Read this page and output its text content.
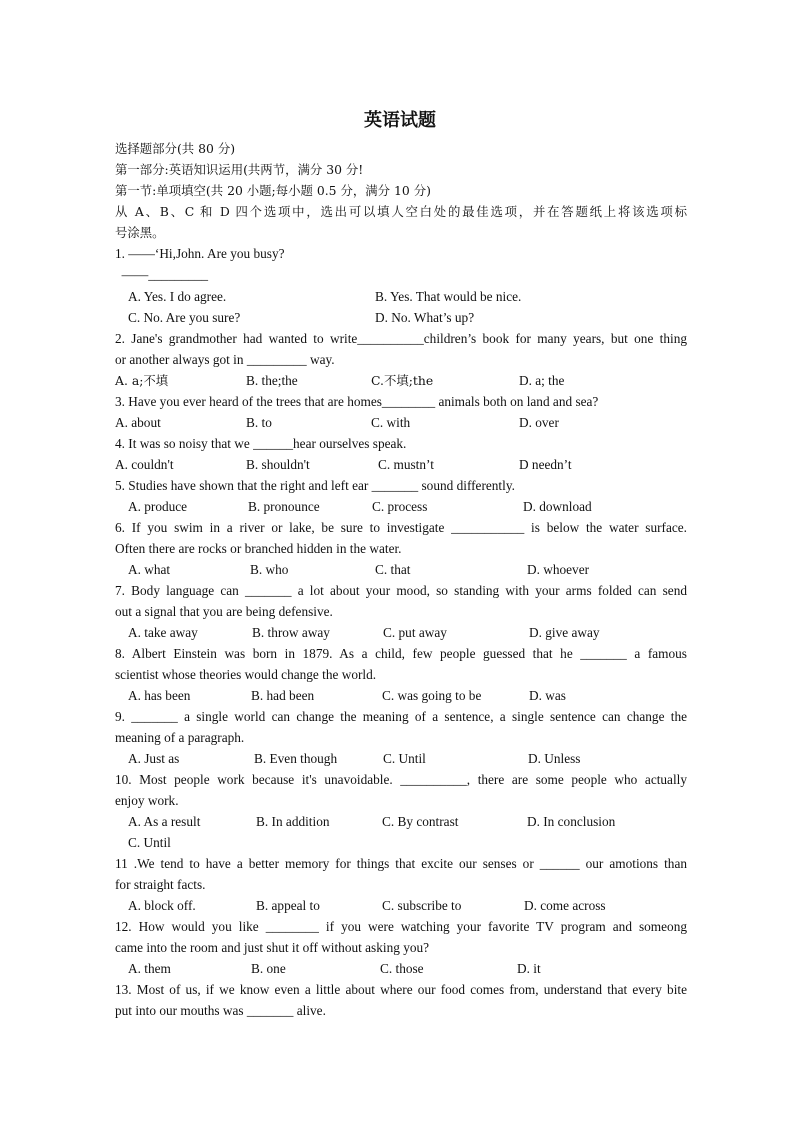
英语试题
选择题部分(共 80 分)
第一部分:英语知识运用(共两节，满分 30 分!
第一节:单项填空(共 20 小题;每小题 0.5 分，满分 10 分)
从 A、B、C 和 D 四个选项中，选出可以填人空白处的最佳选项，并在答题纸上将该选项标
号涂黑。
1. ——‘Hi,John. Are you busy?
——_________
A. Yes. I do agree.	B. Yes. That would be nice.
C. No. Are you sure?	D. No. What’s up?
2. Jane's grandmother had wanted to write__________children’s book for many years, but one thing
or another always got in _________ way.
A. a;不填	B. the;the	C.不填;the	D. a; the
3. Have you ever heard of the trees that are homes________ animals both on land and sea?
A. about	B. to	C. with	D. over
4. It was so noisy that we ______hear ourselves speak.
A. couldn't	B. shouldn't	C. mustn’t	D needn’t
5. Studies have shown that the right and left ear _______ sound differently.
A. produce	B. pronounce	C. process	D. download
6. If you swim in a river or lake, be sure to investigate ___________ is below the water surface.
Often there are rocks or branched hidden in the water.
A. what	B. who	C. that	D. whoever
7. Body language can _______ a lot about your mood, so standing with your arms folded can send
out a signal that you are being defensive.
A. take away	B. throw away	C. put away	D. give away
8. Albert Einstein was born in 1879. As a child, few people guessed that he _______ a famous
scientist whose theories would change the world.
A. has been	B. had been	C. was going to be	D. was
9. _______ a single world can change the meaning of a sentence, a single sentence can change the
meaning of a paragraph.
A. Just as	B. Even though	C. Until	D. Unless
10. Most people work because it's unavoidable. __________, there are some people who actually
enjoy work.
A. As a result	B. In addition	C. By contrast	D. In conclusion
C. Until
11 .We tend to have a better memory for things that excite our senses or ______ our amotions than
for straight facts.
A. block off.	B. appeal to	C. subscribe to	D. come across
12. How would you like ________ if you were watching your favorite TV program and someong
came into the room and just shut it off without asking you?
A. them	B. one	C. those	D. it
13. Most of us, if we know even a little about where our food comes from, understand that every bite
put into our mouths was _______ alive.
